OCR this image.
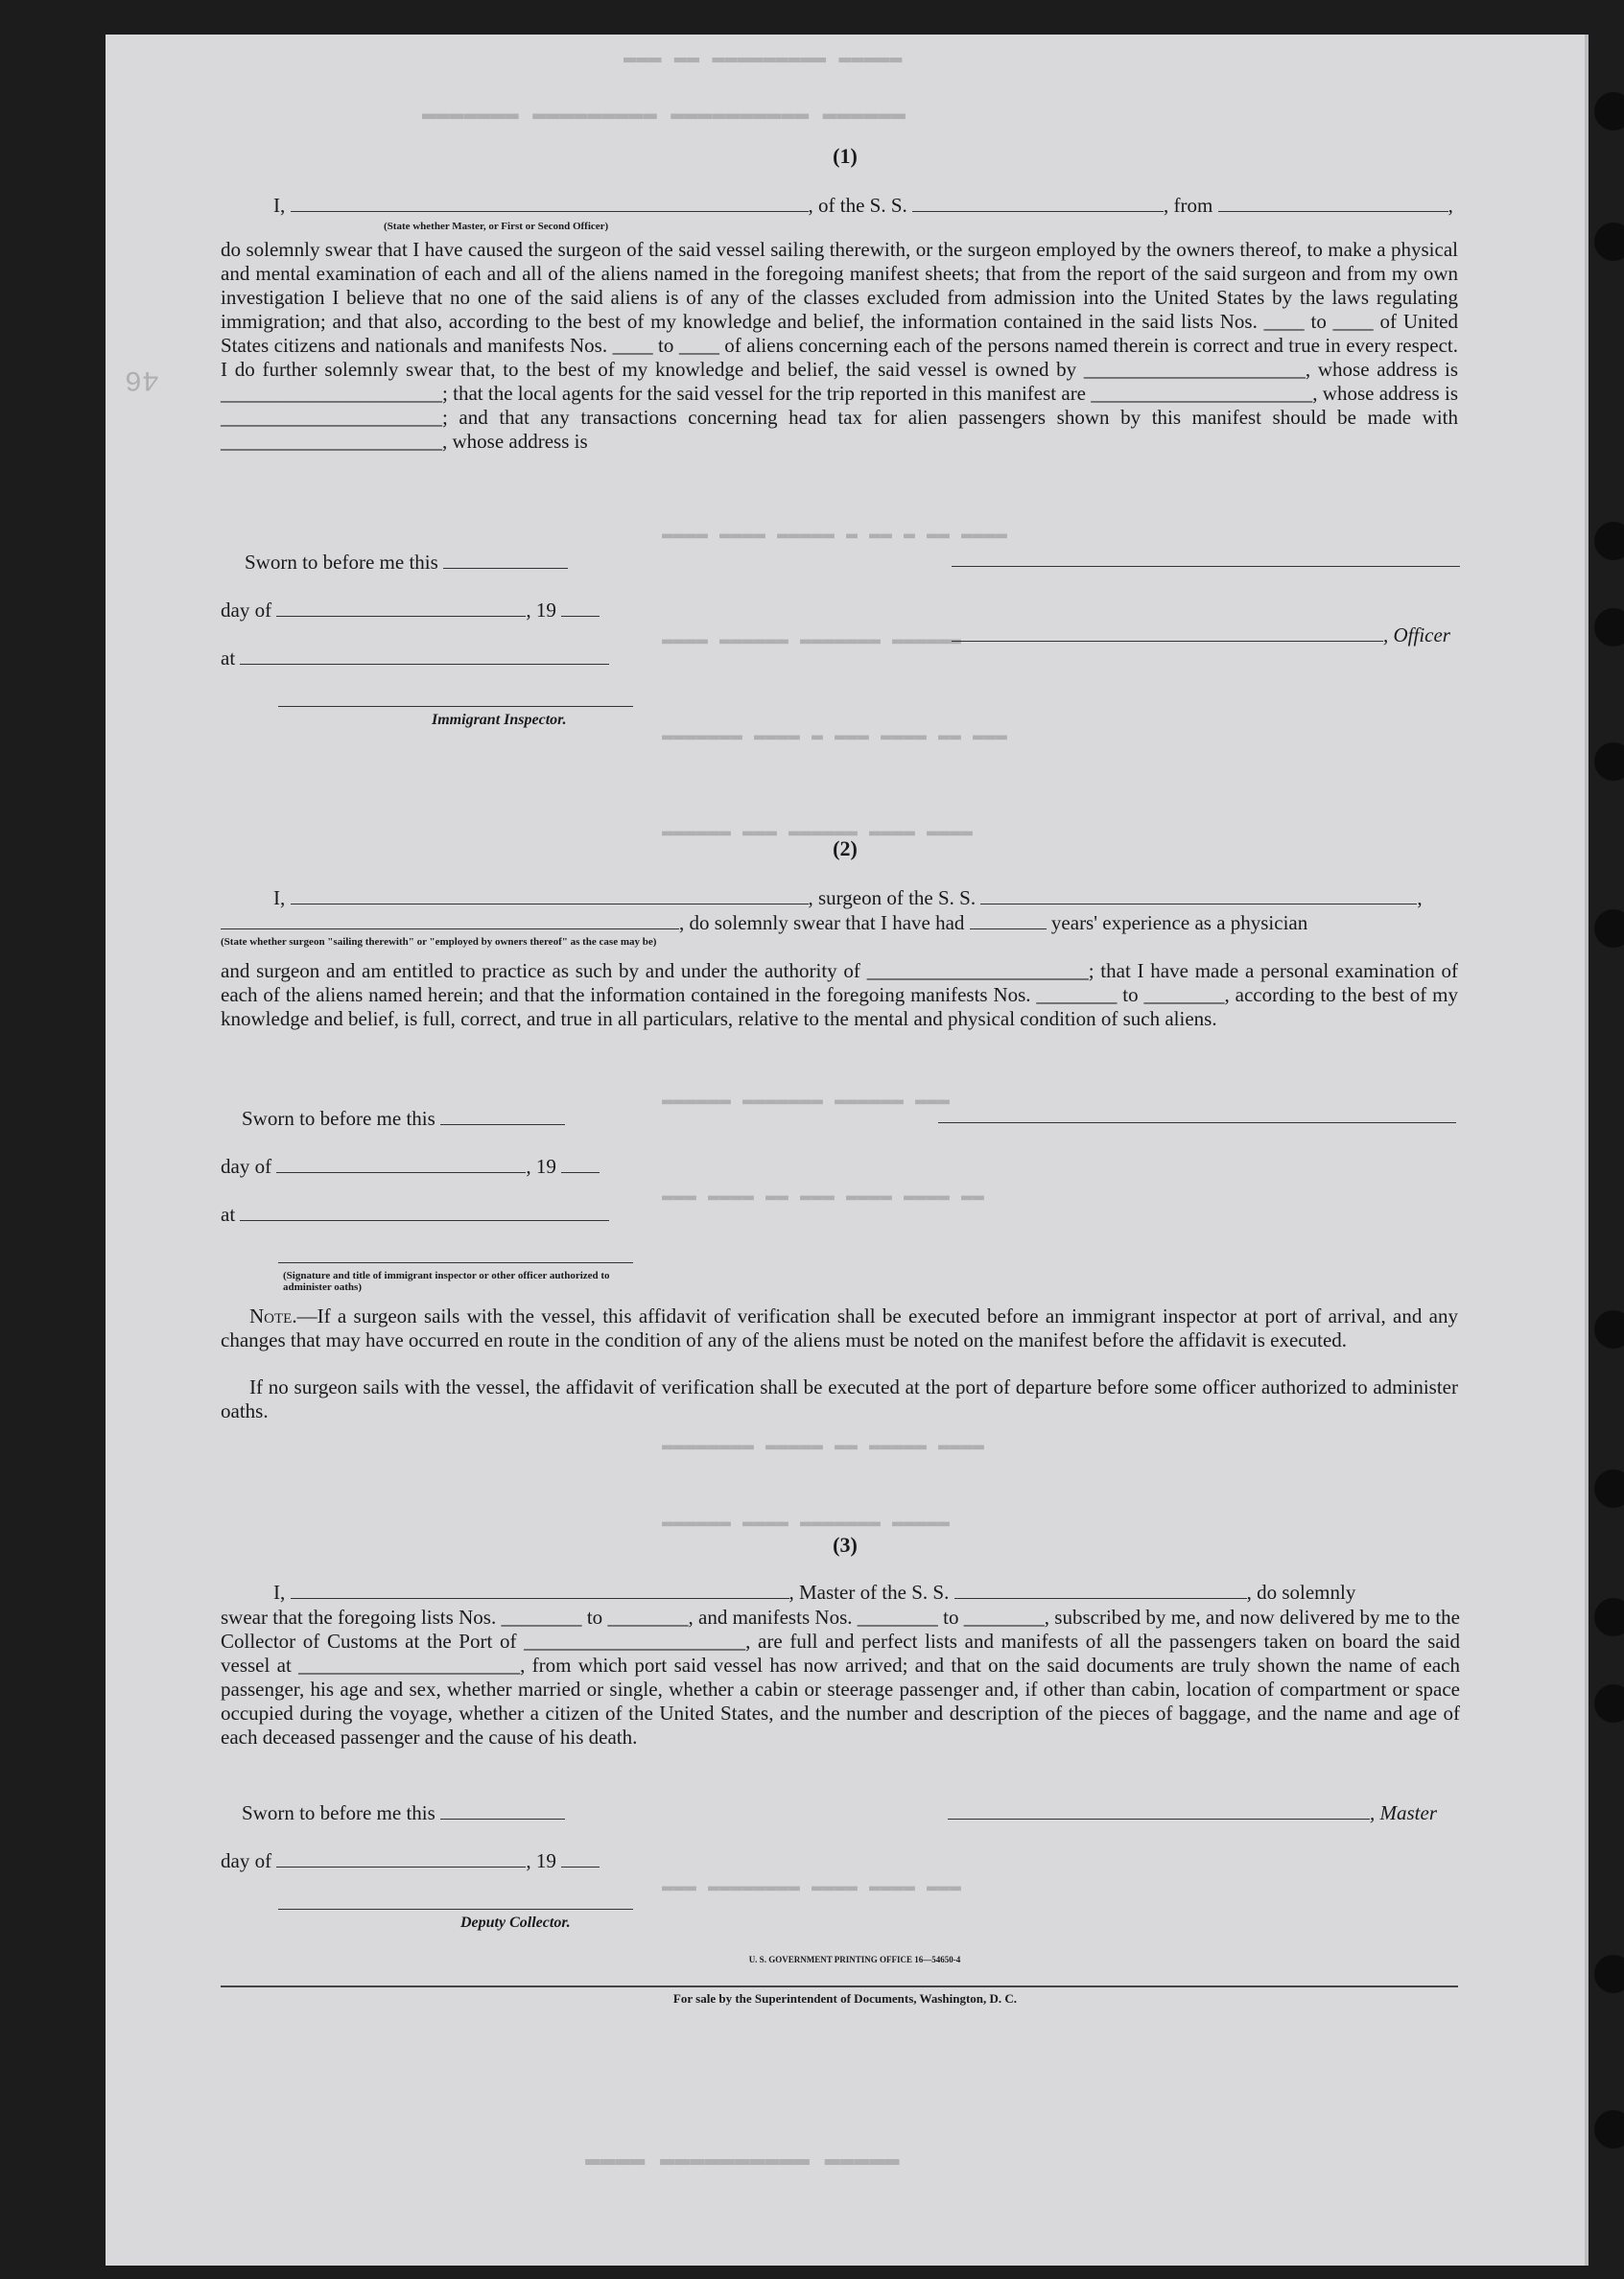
▬▬▬ ▬▬ ▬▬▬▬▬▬▬▬▬ ▬▬▬▬▬
▬▬▬▬▬▬▬ ▬▬▬▬▬▬▬▬▬ ▬▬▬▬▬▬▬▬▬▬ ▬▬▬▬▬▬
▬▬▬▬ ▬▬▬▬ ▬▬▬▬▬ ▬ ▬▬ ▬ ▬▬ ▬▬▬▬
▬▬▬▬ ▬▬▬▬▬▬ ▬▬▬▬▬▬▬ ▬▬▬▬▬▬
▬▬▬▬▬▬▬ ▬▬▬▬ ▬ ▬▬▬ ▬▬▬▬ ▬▬ ▬▬▬
▬▬▬▬▬▬ ▬▬▬ ▬▬▬▬▬▬ ▬▬▬▬ ▬▬▬▬
▬▬▬▬▬▬ ▬▬▬▬▬▬▬ ▬▬▬▬▬▬ ▬▬▬
▬▬▬ ▬▬▬▬ ▬▬ ▬▬▬ ▬▬▬▬ ▬▬▬▬ ▬▬
▬▬▬▬▬▬▬▬ ▬▬▬▬▬ ▬▬ ▬▬▬▬▬ ▬▬▬▬
▬▬▬▬▬▬ ▬▬▬▬ ▬▬▬▬▬▬▬ ▬▬▬▬▬
▬▬▬ ▬▬▬▬▬▬▬▬ ▬▬▬▬ ▬▬▬▬ ▬▬▬
▬▬▬▬ ▬▬▬▬▬▬▬▬▬▬ ▬▬▬▬▬
46
(1)
I,	, of the S. S.	, from	,
(State whether Master, or First or Second Officer)
do solemnly swear that I have caused the surgeon of the said vessel sailing therewith, or the surgeon employed by the owners thereof, to make a physical and mental examination of each and all of the aliens named in the foregoing manifest sheets; that from the report of the said surgeon and from my own investigation I believe that no one of the said aliens is of any of the classes excluded from admission into the United States by the laws regulating immigration; and that also, according to the best of my knowledge and belief, the information contained in the said lists Nos. ____ to ____ of United States citizens and nationals and manifests Nos. ____ to ____ of aliens concerning each of the persons named therein is correct and true in every respect. I do further solemnly swear that, to the best of my knowledge and belief, the said vessel is owned by ______________________, whose address is ______________________; that the local agents for the said vessel for the trip reported in this manifest are ______________________, whose address is ______________________; and that any transactions concerning head tax for alien passengers shown by this manifest should be made with ______________________, whose address is
Sworn to before me this
day of	, 19
, Officer
at
Immigrant Inspector.
(2)
I,	, surgeon of the S. S.	,
, do solemnly swear that I have had	years' experience as a physician
(State whether surgeon "sailing therewith" or "employed by owners thereof" as the case may be)
and surgeon and am entitled to practice as such by and under the authority of ______________________; that I have made a personal examination of each of the aliens named herein; and that the information contained in the foregoing manifests Nos. ________ to ________, according to the best of my knowledge and belief, is full, correct, and true in all particulars, relative to the mental and physical condition of such aliens.
Sworn to before me this
day of	, 19
at
(Signature and title of immigrant inspector or other officer authorized to administer oaths)
Note.—If a surgeon sails with the vessel, this affidavit of verification shall be executed before an immigrant inspector at port of arrival, and any changes that may have occurred en route in the condition of any of the aliens must be noted on the manifest before the affidavit is executed.
If no surgeon sails with the vessel, the affidavit of verification shall be executed at the port of departure before some officer authorized to administer oaths.
(3)
I,	, Master of the S. S.	, do solemnly
swear that the foregoing lists Nos. ________ to ________, and manifests Nos. ________ to ________, subscribed by me, and now delivered by me to the Collector of Customs at the Port of ______________________, are full and perfect lists and manifests of all the passengers taken on board the said vessel at ______________________, from which port said vessel has now arrived; and that on the said documents are truly shown the name of each passenger, his age and sex, whether married or single, whether a cabin or steerage passenger and, if other than cabin, location of compartment or space occupied during the voyage, whether a citizen of the United States, and the number and description of the pieces of baggage, and the name and age of each deceased passenger and the cause of his death.
Sworn to before me this	, Master
day of	, 19
Deputy Collector.
U. S. GOVERNMENT PRINTING OFFICE 16—54650-4
For sale by the Superintendent of Documents, Washington, D. C.
